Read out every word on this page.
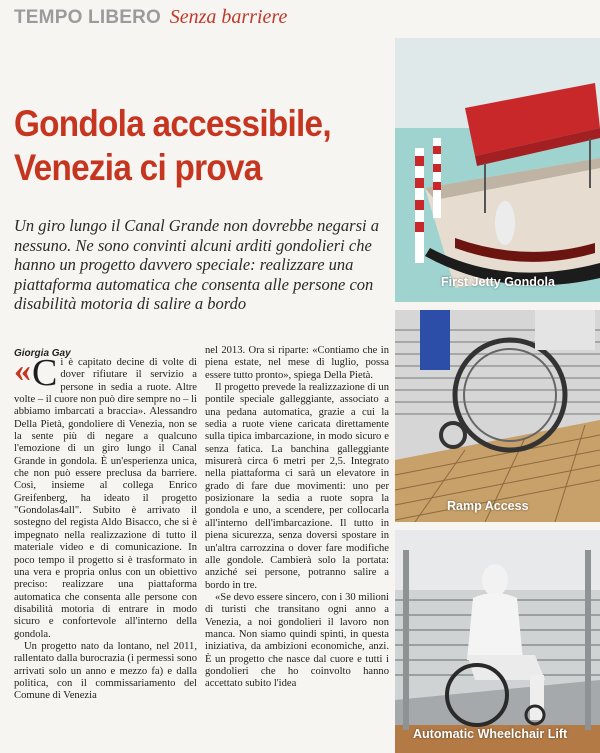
TEMPO LIBERO Senza barriere
Gondola accessibile,
Venezia ci prova

Un giro lungo il Canal Grande non dovrebbe negarsi a nessuno. Ne sono convinti alcuni arditi gondolieri che hanno un progetto davvero speciale: realizzare una piattaforma automatica che consenta alle persone con disabilità motoria di salire a bordo

Giorgia Gay

« C i è capitato decine di volte di dover rifiutare il servizio a persone in sedia a ruote. Altre volte – il cuore non può dire sempre no – li abbiamo imbarcati a braccia». Alessandro Della Pietà, gondoliere di Venezia, non se la sente più di negare a qualcuno l'emozione di un giro lungo il Canal Grande in gondola. È un'esperienza unica, che non può essere preclusa da barriere. Così, insieme al collega Enrico Greifenberg, ha ideato il progetto "Gondolas4all". Subito è arrivato il sostegno del regista Aldo Bisacco, che si è impegnato nella realizzazione di tutto il materiale video e di comunicazione. In poco tempo il progetto si è trasformato in una vera e propria onlus con un obiettivo preciso: realizzare una piattaforma automatica che consenta alle persone con disabilità motoria di entrare in modo sicuro e confortevole all'interno della gondola.

Un progetto nato da lontano, nel 2011, rallentato dalla burocrazia (i permessi sono arrivati solo un anno e mezzo fa) e dalla politica, con il commissariamento del Comune di Venezia

nel 2013. Ora si riparte: «Contiamo che in piena estate, nel mese di luglio, possa essere tutto pronto», spiega Della Pietà.

Il progetto prevede la realizzazione di un pontile speciale galleggiante, associato a una pedana automatica, grazie a cui la sedia a ruote viene caricata direttamente sulla tipica imbarcazione, in modo sicuro e senza fatica. La banchina galleggiante misurerà circa 6 metri per 2,5. Integrato nella piattaforma ci sarà un elevatore in grado di fare due movimenti: uno per posizionare la sedia a ruote sopra la gondola e uno, a scendere, per collocarla all'interno dell'imbarcazione. Il tutto in piena sicurezza, senza doversi spostare in un'altra carrozzina o dover fare modifiche alle gondole. Cambierà solo la portata: anziché sei persone, potranno salire a bordo in tre.

«Se devo essere sincero, con i 30 milioni di turisti che transitano ogni anno a Venezia, a noi gondolieri il lavoro non manca. Non siamo quindi spinti, in questa iniziativa, da ambizioni economiche, anzi. È un progetto che nasce dal cuore e tutti i gondolieri che ho coinvolto hanno accettato subito l'idea

First Jetty Gondola
Ramp Access
Automatic Wheelchair Lift
